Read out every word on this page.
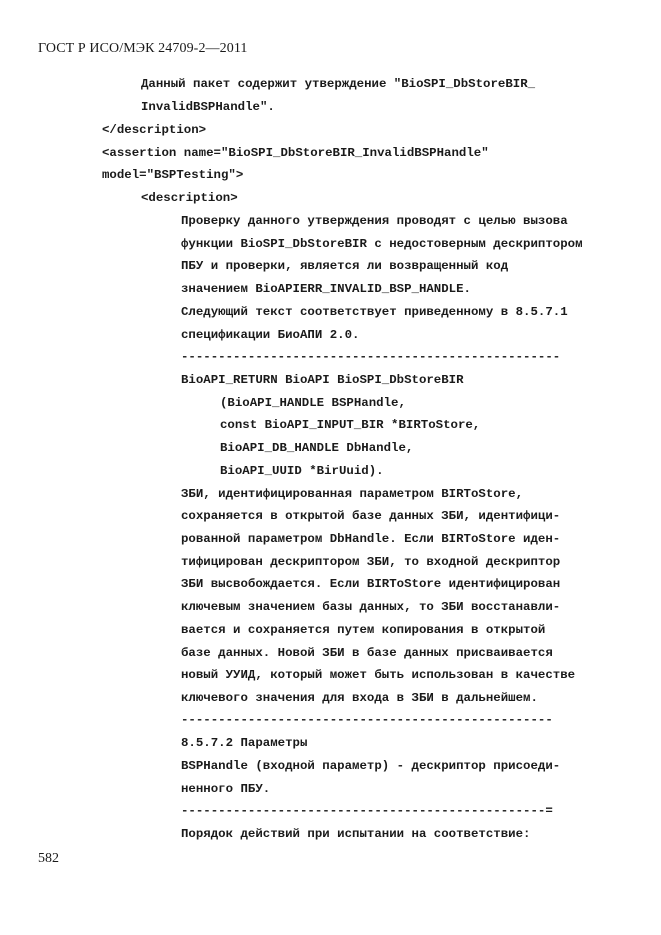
ГОСТ Р ИСО/МЭК 24709-2—2011
Данный пакет содержит утверждение "BioSPI_DbStoreBIR_
InvalidBSPHandle".
</description>
<assertion name="BioSPI_DbStoreBIR_InvalidBSPHandle"
model="BSPTesting">
<description>
Проверку данного утверждения проводят с целью вызова
функции BioSPI_DbStoreBIR с недостоверным дескриптором
ПБУ и проверки, является ли возвращенный код
значением BioAPIERR_INVALID_BSP_HANDLE.
Следующий текст соответствует приведенному в 8.5.7.1
спецификации БиоАПИ 2.0.
---------------------------------------------------
BioAPI_RETURN BioAPI BioSPI_DbStoreBIR
(BioAPI_HANDLE BSPHandle,
const BioAPI_INPUT_BIR *BIRToStore,
BioAPI_DB_HANDLE DbHandle,
BioAPI_UUID *BirUuid).
ЗБИ, идентифицированная параметром BIRToStore,
сохраняется в открытой базе данных ЗБИ, идентифици-
рованной параметром DbHandle. Если BIRToStore иден-
тифицирован дескриптором ЗБИ, то входной дескриптор
ЗБИ высвобождается. Если BIRToStore идентифицирован
ключевым значением базы данных, то ЗБИ восстанавли-
вается и сохраняется путем копирования в открытой
базе данных. Новой ЗБИ в базе данных присваивается
новый УУИД, который может быть использован в качестве
ключевого значения для входа в ЗБИ в дальнейшем.
--------------------------------------------------
8.5.7.2 Параметры
BSPHandle (входной параметр) - дескриптор присоеди-
ненного ПБУ.
-------------------------------------------------=
Порядок действий при испытании на соответствие:
582
